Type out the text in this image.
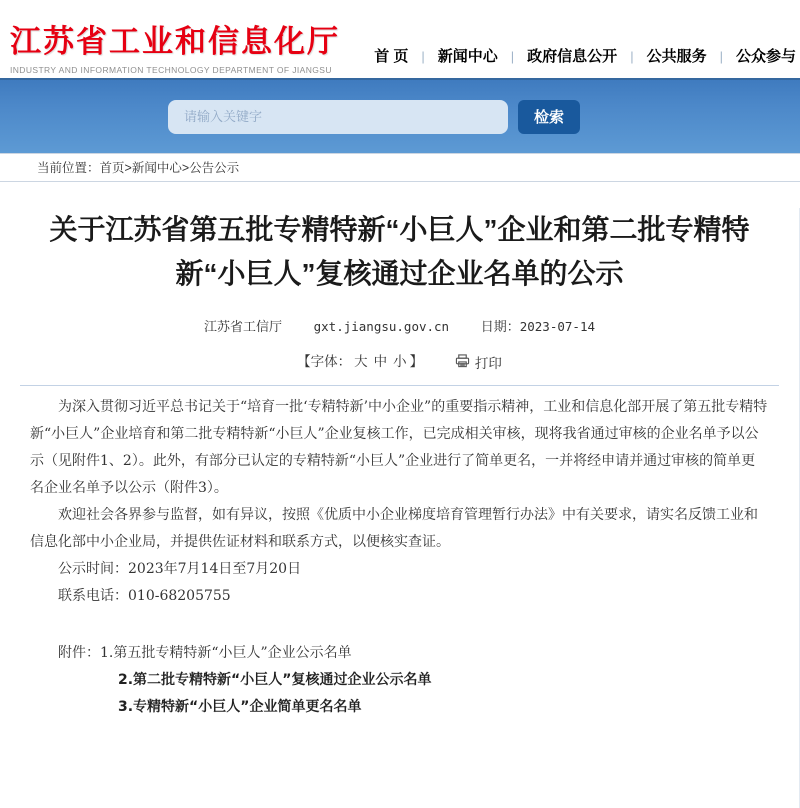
江苏省工业和信息化厅
INDUSTRY AND INFORMATION TECHNOLOGY DEPARTMENT OF JIANGSU
首 页 | 新闻中心 | 政府信息公开 | 公共服务 | 公众参与
请输入关键字
检索
当前位置：首页>新闻中心>公告公示
关于江苏省第五批专精特新“小巨人”企业和第二批专精特新“小巨人”复核通过企业名单的公示
江苏省工信厅	gxt.jiangsu.gov.cn 日期：2023-07-14
【字体： 大 中 小 】	打印

为深入贯彻习近平总书记关于“培育一批‘专精特新’中小企业”的重要指示精神，工业和信息化部开展了第五批专精特新“小巨人”企业培育和第二批专精特新“小巨人”企业复核工作，已完成相关审核，现将我省通过审核的企业名单予以公示（见附件1、2）。此外，有部分已认定的专精特新“小巨人”企业进行了简单更名，一并将经申请并通过审核的简单更名企业名单予以公示（附件3）。

欢迎社会各界参与监督，如有异议，按照《优质中小企业梯度培育管理暂行办法》中有关要求，请实名反馈工业和信息化部中小企业局，并提供佐证材料和联系方式，以便核实查证。

公示时间：2023年7月14日至7月20日

联系电话：010-68205755

附件：1.第五批专精特新“小巨人”企业公示名单

2.第二批专精特新“小巨人”复核通过企业公示名单

3.专精特新“小巨人”企业简单更名名单
